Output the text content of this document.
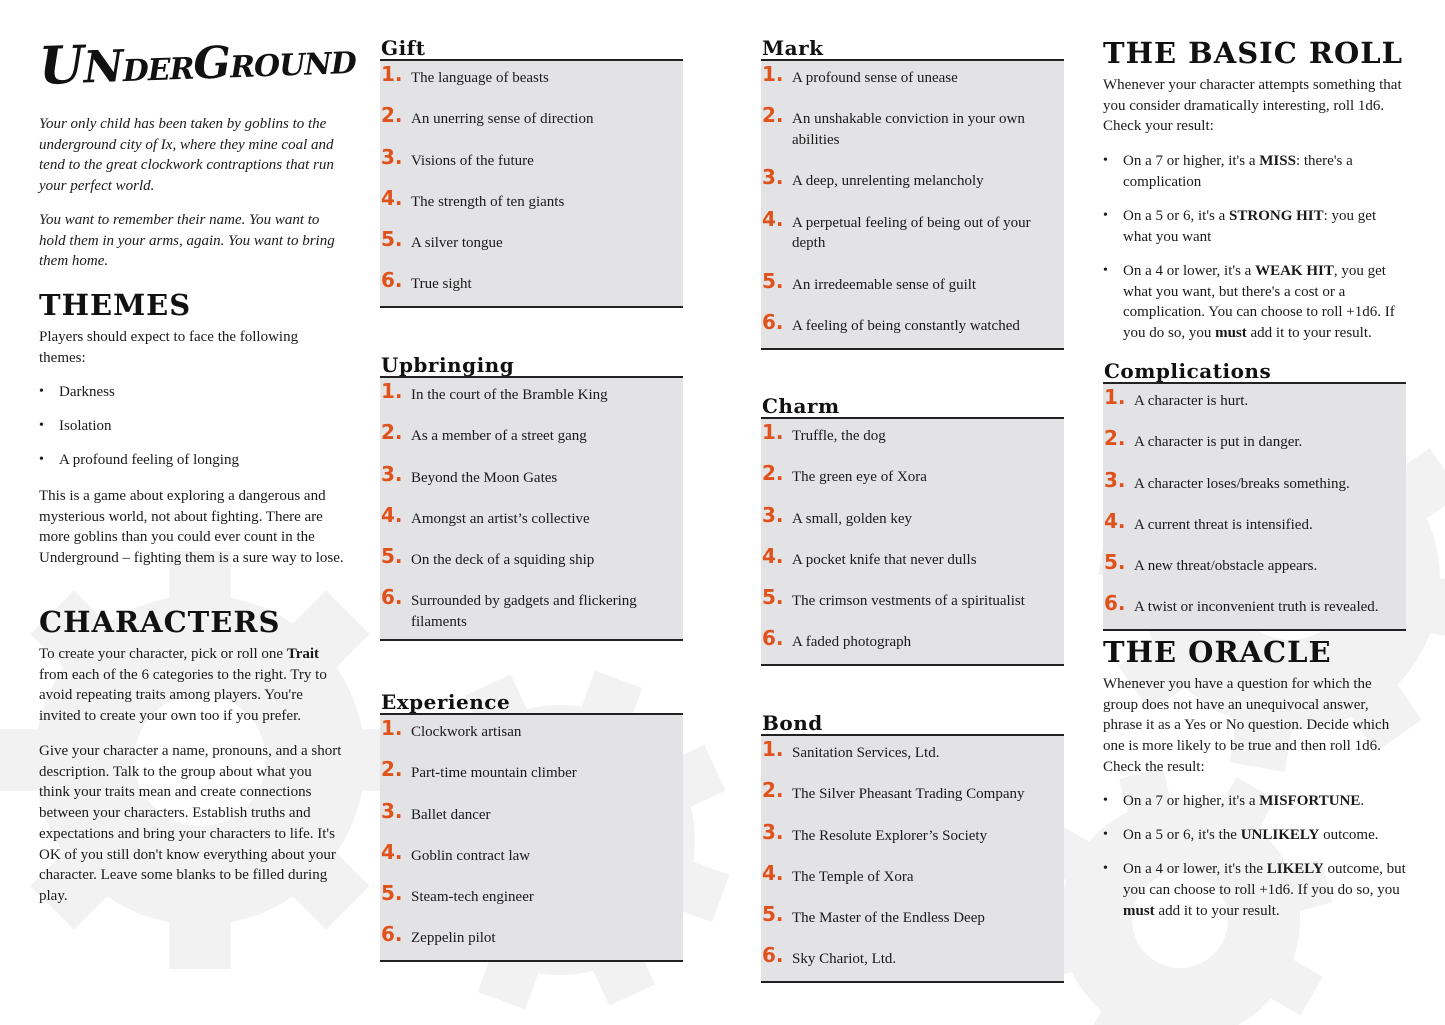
UNDERGROUND

Your only child has been taken by goblins to the underground city of Ix, where they mine coal and tend to the great clockwork contraptions that run your perfect world.

You want to remember their name. You want to hold them in your arms, again. You want to bring them home.

THEMES

Players should expect to face the following themes:

• Darkness
• Isolation
• A profound feeling of longing

This is a game about exploring a dangerous and mysterious world, not about fighting. There are more goblins than you could ever count in the Underground – fighting them is a sure way to lose.

CHARACTERS

To create your character, pick or roll one Trait from each of the 6 categories to the right. Try to avoid repeating traits among players. You're invited to create your own too if you prefer.

Give your character a name, pronouns, and a short description. Talk to the group about what you think your traits mean and create connections between your characters. Establish truths and expectations and bring your characters to life. It's OK of you still don't know everything about your character. Leave some blanks to be filled during play.

Gift
1. The language of beasts
2. An unerring sense of direction
3. Visions of the future
4. The strength of ten giants
5. A silver tongue
6. True sight
Upbringing
1. In the court of the Bramble King
2. As a member of a street gang
3. Beyond the Moon Gates
4. Amongst an artist’s collective
5. On the deck of a squiding ship
6. Surrounded by gadgets and flickering filaments
Experience
1. Clockwork artisan
2. Part-time mountain climber
3. Ballet dancer
4. Goblin contract law
5. Steam-tech engineer
6. Zeppelin pilot
Mark
1. A profound sense of unease
2. An unshakable conviction in your own abilities
3. A deep, unrelenting melancholy
4. A perpetual feeling of being out of your depth
5. An irredeemable sense of guilt
6. A feeling of being constantly watched
Charm
1. Truffle, the dog
2. The green eye of Xora
3. A small, golden key
4. A pocket knife that never dulls
5. The crimson vestments of a spiritualist
6. A faded photograph
Bond
1. Sanitation Services, Ltd.
2. The Silver Pheasant Trading Company
3. The Resolute Explorer’s Society
4. The Temple of Xora
5. The Master of the Endless Deep
6. Sky Chariot, Ltd.
THE BASIC ROLL

Whenever your character attempts something that you consider dramatically interesting, roll 1d6. Check your result:

• On a 7 or higher, it's a MISS: there's a complication
• On a 5 or 6, it's a STRONG HIT: you get what you want
• On a 4 or lower, it's a WEAK HIT, you get what you want, but there's a cost or a complication. You can choose to roll +1d6. If you do so, you must add it to your result.
THE ORACLE

Whenever you have a question for which the group does not have an unequivocal answer, phrase it as a Yes or No question. Decide which one is more likely to be true and then roll 1d6. Check the result:

• On a 7 or higher, it's a MISFORTUNE.
• On a 5 or 6, it's the UNLIKELY outcome.
• On a 4 or lower, it's the LIKELY outcome, but you can choose to roll +1d6. If you do so, you must add it to your result.
Complications
1. A character is hurt.
2. A character is put in danger.
3. A character loses/breaks something.
4. A current threat is intensified.
5. A new threat/obstacle appears.
6. A twist or inconvenient truth is revealed.
